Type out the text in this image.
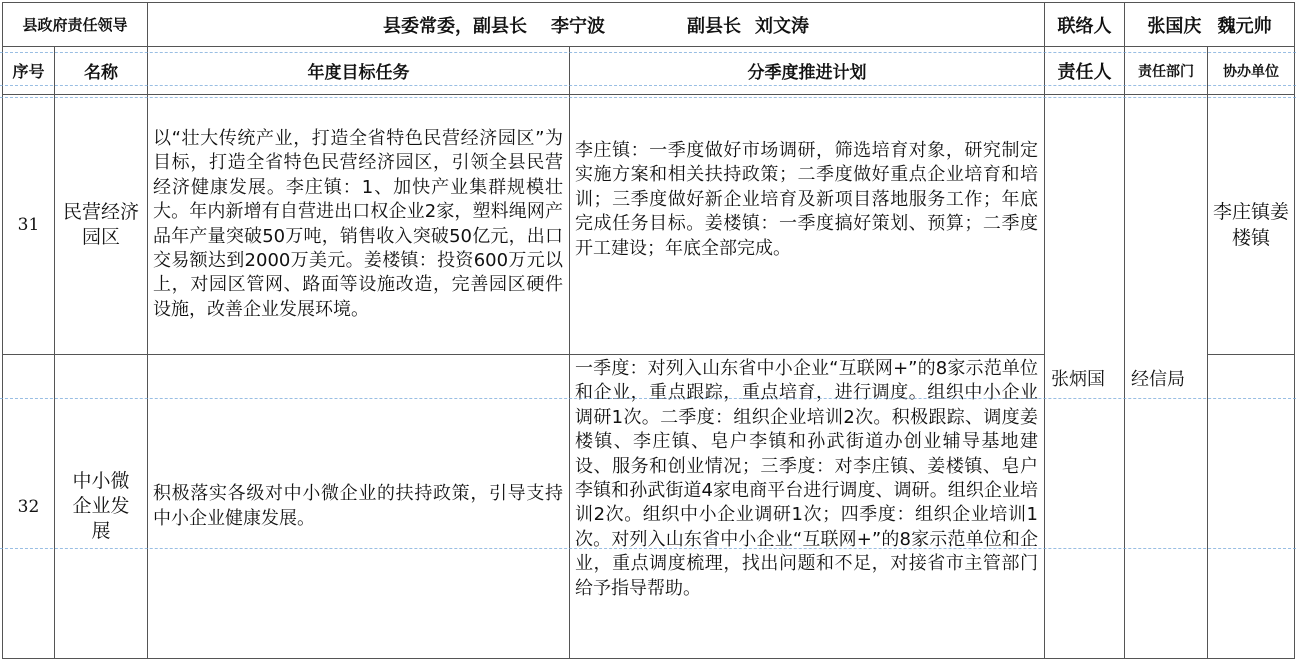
县政府责任领导		县委常委，副县长 李宁波 副县长 刘文涛		联络人	张国庆 魏元帅	
序号	名称	年度目标任务	分季度推进计划	责任人	责任部门	协办单位
31	民营经济园区	以“壮大传统产业，打造全省特色民营经济园区”为目标，打造全省特色民营经济园区，引领全县民营经济健康发展。李庄镇：1、加快产业集群规模壮大。年内新增有自营进出口权企业2家，塑料绳网产品年产量突破50万吨，销售收入突破50亿元，出口交易额达到2000万美元。姜楼镇：投资600万元以上，对园区管网、路面等设施改造，完善园区硬件设施，改善企业发展环境。	李庄镇：一季度做好市场调研，筛选培育对象，研究制定实施方案和相关扶持政策；二季度做好重点企业培育和培训；三季度做好新企业培育及新项目落地服务工作；年底完成任务目标。姜楼镇：一季度搞好策划、预算；二季度开工建设；年底全部完成。	张炳国	经信局	李庄镇姜楼镇
32	中小微企业发展	积极落实各级对中小微企业的扶持政策，引导支持中小企业健康发展。	一季度：对列入山东省中小企业“互联网+”的8家示范单位和企业，重点跟踪，重点培育，进行调度。组织中小企业调研1次。二季度：组织企业培训2次。积极跟踪、调度姜楼镇、李庄镇、皂户李镇和孙武街道办创业辅导基地建设、服务和创业情况；三季度：对李庄镇、姜楼镇、皂户李镇和孙武街道4家电商平台进行调度、调研。组织企业培训2次。组织中小企业调研1次；四季度：组织企业培训1次。对列入山东省中小企业“互联网+”的8家示范单位和企业，重点调度梳理，找出问题和不足，对接省市主管部门给予指导帮助。			
